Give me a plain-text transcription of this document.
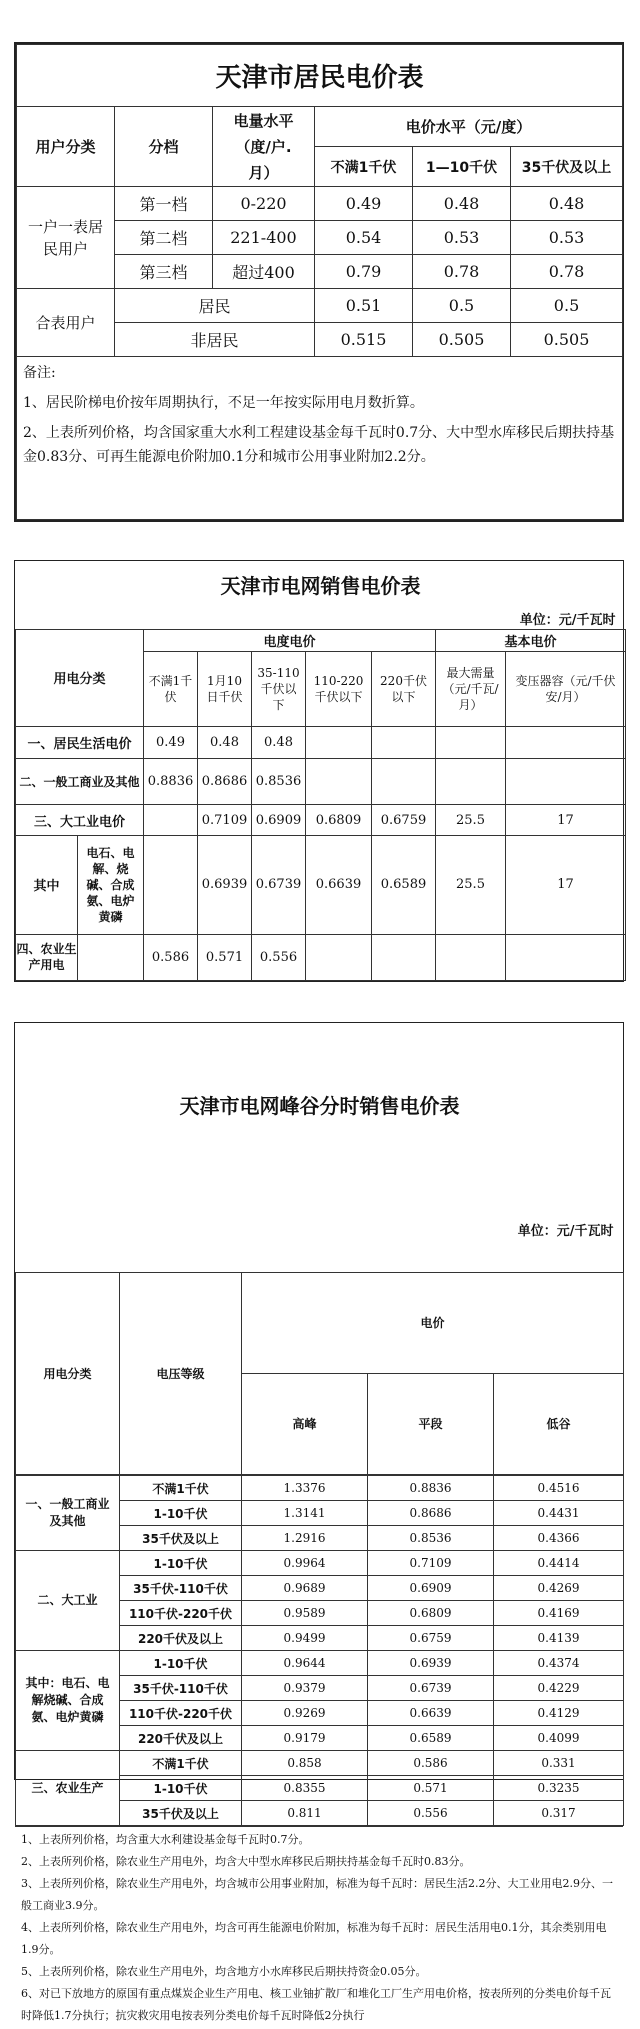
天津市居民电价表					
用户分类	分档	电量水平（度/户.月）	电价水平（元/度）		
			不满1千伏	1—10千伏	35千伏及以上
一户一表居民用户	第一档	0-220	0.49	0.48	0.48
	第二档	221-400	0.54	0.53	0.53
	第三档	超过400	0.79	0.78	0.78
合表用户	居民		0.51	0.5	0.5
	非居民		0.515	0.505	0.505

备注:
1、居民阶梯电价按年周期执行，不足一年按实际用电月数折算。
2、上表所列价格，均含国家重大水利工程建设基金每千瓦时0.7分、大中型水库移民后期扶持基金0.83分、可再生能源电价附加0.1分和城市公用事业附加2.2分。					
天津市电网销售电价表								
单位：元/千瓦时								
用电分类		电度电价					基本电价	
		不满1千伏	1月10日千伏	35-110千伏以下	110-220千伏以下	220千伏以下	最大需量（元/千瓦/月）	变压器容（元/千伏安/月）
一、居民生活电价		0.49	0.48	0.48				
二、一般工商业及其他		0.8836	0.8686	0.8536				
三、大工业电价			0.7109	0.6909	0.6809	0.6759	25.5	17
其中	电石、电解、烧碱、合成氨、电炉黄磷		0.6939	0.6739	0.6639	0.6589	25.5	17
四、农业生产用电		0.586	0.571	0.556				
天津市电网峰谷分时销售电价表				
单位：元/千瓦时				
用电分类	电压等级	电价		
		高峰	平段	低谷
一、一般工商业及其他	不满1千伏	1.3376	0.8836	0.4516
	1-10千伏	1.3141	0.8686	0.4431
	35千伏及以上	1.2916	0.8536	0.4366
二、大工业	1-10千伏	0.9964	0.7109	0.4414
	35千伏-110千伏	0.9689	0.6909	0.4269
	110千伏-220千伏	0.9589	0.6809	0.4169
	220千伏及以上	0.9499	0.6759	0.4139
其中：电石、电解烧碱、合成氨、电炉黄磷	1-10千伏	0.9644	0.6939	0.4374
	35千伏-110千伏	0.9379	0.6739	0.4229
	110千伏-220千伏	0.9269	0.6639	0.4129
	220千伏及以上	0.9179	0.6589	0.4099
三、农业生产	不满1千伏	0.858	0.586	0.331
	1-10千伏	0.8355	0.571	0.3235
	35千伏及以上	0.811	0.556	0.317
1、上表所列价格，均含重大水利建设基金每千瓦时0.7分。
2、上表所列价格，除农业生产用电外，均含大中型水库移民后期扶持基金每千瓦时0.83分。
3、上表所列价格，除农业生产用电外，均含城市公用事业附加，标准为每千瓦时：居民生活2.2分、大工业用电2.9分、一般工商业3.9分。
4、上表所列价格，除农业生产用电外，均含可再生能源电价附加，标准为每千瓦时：居民生活用电0.1分，其余类别用电1.9分。
5、上表所列价格，除农业生产用电外，均含地方小水库移民后期扶持资金0.05分。
6、对已下放地方的原国有重点煤炭企业生产用电、核工业铀扩散厂和堆化工厂生产用电价格，按表所列的分类电价每千瓦时降低1.7分执行；抗灾救灾用电按表列分类电价每千瓦时降低2分执行
